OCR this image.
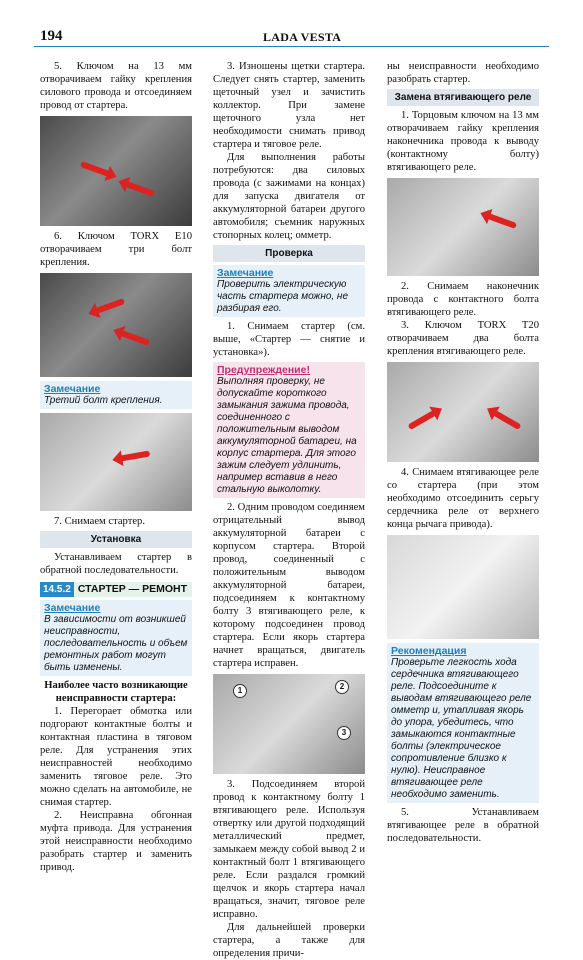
194	LADA VESTA

5. Ключом на 13 мм отворачиваем гайку крепления силового провода и отсоединяем провод от стартера.

6. Ключом TORX E10 отворачиваем три болт крепления.

Замечание
Третий болт крепления.

7. Снимаем стартер.

Установка

Устанавливаем стартер в обратной последовательности.

14.5.2 СТАРТЕР — РЕМОНТ
Замечание
В зависимости от возникшей неисправности, последовательность и объем ремонтных работ могут быть изменены.

Наиболее часто возникающие неисправности стартера:

1. Перегорает обмотка или подгорают контактные болты и контактная пластина в тяговом реле. Для устранения этих неисправностей необходимо заменить тяговое реле. Это можно сделать на автомобиле, не снимая стартер.

2. Неисправна обгонная муфта привода. Для устранения этой неисправности необходимо разобрать стартер и заменить привод.

3. Изношены щетки стартера. Следует снять стартер, заменить щеточный узел и зачистить коллектор. При замене щеточного узла нет необходимости снимать привод стартера и тяговое реле.

Для выполнения работы потребуются: два силовых провода (с зажимами на концах) для запуска двигателя от аккумуляторной батареи другого автомобиля; съемник наружных стопорных колец; омметр.

Проверка
Замечание
Проверить электрическую часть стартера можно, не разбирая его.

1. Снимаем стартер (см. выше, «Стартер — снятие и установка»).

Предупреждение!
Выполняя проверку, не допускайте короткого замыкания зажима провода, соединенного с положительным выводом аккумуляторной батареи, на корпус стартера. Для этого зажим следует удлинить, например вставив в него стальную выколотку.

2. Одним проводом соединяем отрицательный вывод аккумуляторной батареи с корпусом стартера. Второй провод, соединенный с положительным выводом аккумуляторной батареи, подсоединяем к контактному болту 3 втягивающего реле, к которому подсоединен провод стартера. Если якорь стартера начнет вращаться, двигатель стартера исправен.

1	2
3

3. Подсоединяем второй провод к контактному болту 1 втягивающего реле. Используя отвертку или другой подходящий металлический предмет, замыкаем между собой вывод 2 и контактный болт 1 втягивающего реле. Если раздался громкий щелчок и якорь стартера начал вращаться, значит, тяговое реле исправно.

Для дальнейшей проверки стартера, а также для определения причи-

ны неисправности необходимо разобрать стартер.

Замена втягивающего реле

1. Торцовым ключом на 13 мм отворачиваем гайку крепления наконечника провода к выводу (контактному болту) втягивающего реле.

2. Снимаем наконечник провода с контактного болта втягивающего реле.

3. Ключом TORX T20 отворачиваем два болта крепления втягивающего реле.

4. Снимаем втягивающее реле со стартера (при этом необходимо отсоединить серьгу сердечника реле от верхнего конца рычага привода).

Рекомендация
Проверьте легкость хода сердечника втягивающего реле. Подсоедините к выводам втягивающего реле омметр и, утапливая якорь до упора, убедитесь, что замыкаются контактные болты (электрическое сопротивление близко к нулю). Неисправное втягивающее реле необходимо заменить.

5. Устанавливаем втягивающее реле в обратной последовательности.
